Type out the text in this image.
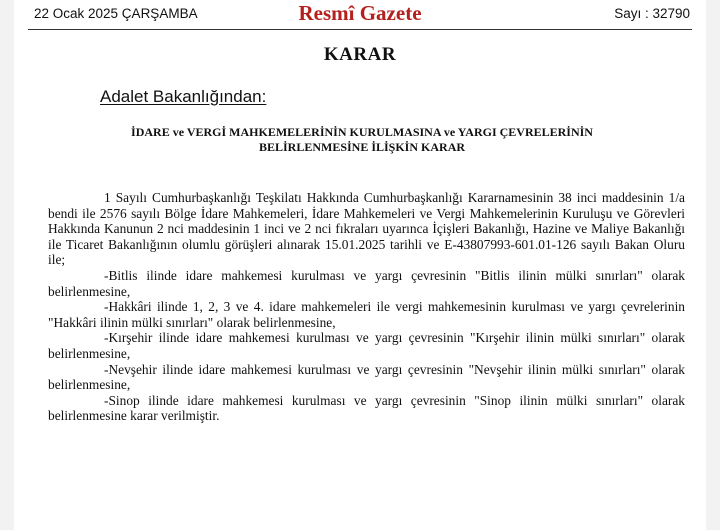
22 Ocak 2025 ÇARŞAMBA	Resmî Gazete	Sayı : 32790
KARAR
Adalet Bakanlığından:
İDARE ve VERGİ MAHKEMELERİNİN KURULMASINA ve YARGI ÇEVRELERİNİN
BELİRLENMESİNE İLİŞKİN KARAR

1 Sayılı Cumhurbaşkanlığı Teşkilatı Hakkında Cumhurbaşkanlığı Kararnamesinin 38 inci maddesinin 1/a bendi ile 2576 sayılı Bölge İdare Mahkemeleri, İdare Mahkemeleri ve Vergi Mahkemelerinin Kuruluşu ve Görevleri Hakkında Kanunun 2 nci maddesinin 1 inci ve 2 nci fıkraları uyarınca İçişleri Bakanlığı, Hazine ve Maliye Bakanlığı ile Ticaret Bakanlığının olumlu görüşleri alınarak 15.01.2025 tarihli ve E-43807993-601.01-126 sayılı Bakan Oluru ile;

-Bitlis ilinde idare mahkemesi kurulması ve yargı çevresinin "Bitlis ilinin mülki sınırları" olarak belirlenmesine,

-Hakkâri ilinde 1, 2, 3 ve 4. idare mahkemeleri ile vergi mahkemesinin kurulması ve yargı çevrelerinin "Hakkâri ilinin mülki sınırları" olarak belirlenmesine,

-Kırşehir ilinde idare mahkemesi kurulması ve yargı çevresinin "Kırşehir ilinin mülki sınırları" olarak belirlenmesine,

-Nevşehir ilinde idare mahkemesi kurulması ve yargı çevresinin "Nevşehir ilinin mülki sınırları" olarak belirlenmesine,

-Sinop ilinde idare mahkemesi kurulması ve yargı çevresinin "Sinop ilinin mülki sınırları" olarak belirlenmesine karar verilmiştir.
